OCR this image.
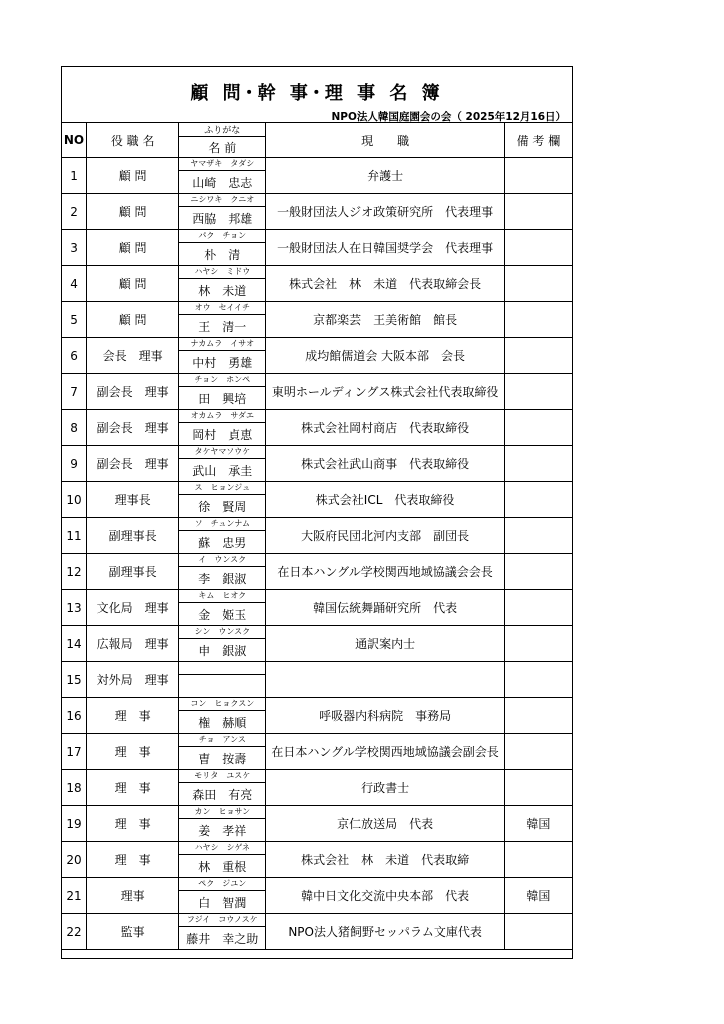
顧 問･幹 事･理 事 名 簿
NPO法人韓国庭園会の会（ 2025年12月16日）
NO	役 職 名	ふりがな	現　　職	備 考 欄
		名 前		
1	顧 問	ヤマザキ　タダシ	弁護士	
		山崎　忠志		
2	顧 問	ニシワキ　クニオ	一般財団法人ジオ政策研究所　代表理事	
		西脇　邦雄		
3	顧 問	パク　チョン	一般財団法人在日韓国奨学会　代表理事	
		朴　清		
4	顧 問	ハヤシ　ミドウ	株式会社　林　未道　代表取締会長	
		林　未道		
5	顧 問	オウ　セイイチ	京都楽芸　王美術館　館長	
		王　清一		
6	会長　理事	ナカムラ　イサオ	成均館儒道会 大阪本部　会長	
		中村　勇雄		
7	副会長　理事	チョン　ホンペ	東明ホールディングス株式会社代表取締役	
		田　興培		
8	副会長　理事	オカムラ　サダエ	株式会社岡村商店　代表取締役	
		岡村　貞恵		
9	副会長　理事	タケヤマソウケ	株式会社武山商事　代表取締役	
		武山　承圭		
10	理事長	ス　ヒョンジュ	株式会社ICL　代表取締役	
		徐　賢周		
11	副理事長	ソ　チュンナム	大阪府民団北河内支部　副団長	
		蘇　忠男		
12	副理事長	イ　ウンスク	在日本ハングル学校関西地域協議会会長	
		李　銀淑		
13	文化局　理事	キム　ヒオク	韓国伝統舞踊研究所　代表	
		金　姫玉		
14	広報局　理事	シン　ウンスク	通訳案内士	
		申　銀淑		
15	対外局　理事			

16	理　事	コン　ヒョクスン	呼吸器内科病院　事務局	
		権　赫順		
17	理　事	チョ　アンス	在日本ハングル学校関西地域協議会副会長	
		曺　按壽		
18	理　事	モリタ　ユスケ	行政書士	
		森田　有亮		
19	理　事	カン　ヒョサン	京仁放送局　代表	韓国
		姜　孝祥		
20	理　事	ハヤシ　シゲネ	株式会社　林　未道　代表取締	
		林　重根		
21	理事	ペク　ジユン	韓中日文化交流中央本部　代表	韓国
		白　智潤		
22	監事	フジイ　コウノスケ	NPO法人猪飼野セッパラム文庫代表	
		藤井　幸之助		
